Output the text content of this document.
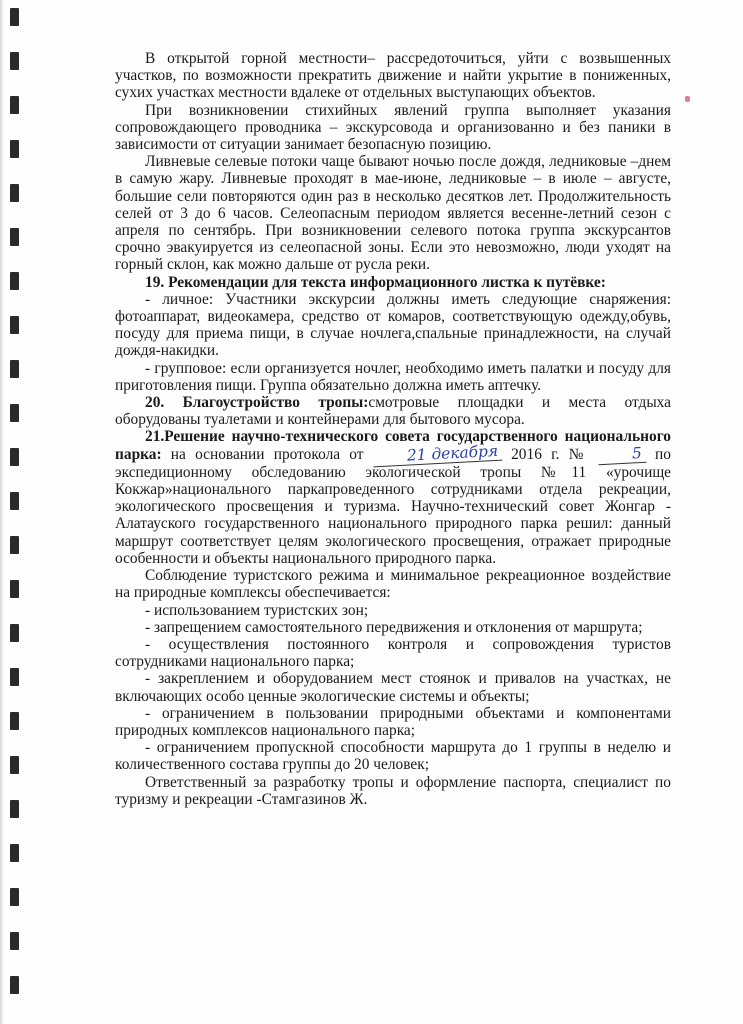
В открытой горной местности– рассредоточиться, уйти с возвышенных участков, по возможности прекратить движение и найти укрытие в пониженных, сухих участках местности вдалеке от отдельных выступающих объектов.

При возникновении стихийных явлений группа выполняет указания сопровождающего проводника – экскурсовода и организованно и без паники в зависимости от ситуации занимает безопасную позицию.

Ливневые селевые потоки чаще бывают ночью после дождя, ледниковые –днем в самую жару. Ливневые проходят в мае-июне, ледниковые – в июле – августе, большие сели повторяются один раз в несколько десятков лет. Продолжительность селей от 3 до 6 часов. Селеопасным периодом является весенне-летний сезон с апреля по сентябрь. При возникновении селевого потока группа экскурсантов срочно эвакуируется из селеопасной зоны. Если это невозможно, люди уходят на горный склон, как можно дальше от русла реки.

19. Рекомендации для текста информационного листка к путёвке:

- личное: Участники экскурсии должны иметь следующие снаряжения: фотоаппарат, видеокамера, средство от комаров, соответствующую одежду,обувь, посуду для приема пищи, в случае ночлега,спальные принадлежности, на случай дождя-накидки.

- групповое: если организуется ночлег, необходимо иметь палатки и посуду для приготовления пищи. Группа обязательно должна иметь аптечку.

20. Благоустройство тропы:смотровые площадки и места отдыха оборудованы туалетами и контейнерами для бытового мусора.

21.Решение научно-технического совета государственного национального парка: на основании протокола от	21 декабря 2016 г. №	5 по экспедиционному обследованию экологической тропы №11 «урочище Кокжар»национального паркапроведенного сотрудниками отдела рекреации, экологического просвещения и туризма. Научно-технический совет Жонгар - Алатауского государственного национального природного парка решил: данный маршрут соответствует целям экологического просвещения, отражает природные особенности и объекты национального природного парка.

Соблюдение туристского режима и минимальное рекреационное воздействие на природные комплексы обеспечивается:

- использованием туристских зон;

- запрещением самостоятельного передвижения и отклонения от маршрута;

- осуществления постоянного контроля и сопровождения туристов сотрудниками национального парка;

- закреплением и оборудованием мест стоянок и привалов на участках, не включающих особо ценные экологические системы и объекты;

- ограничением в пользовании природными объектами и компонентами природных комплексов национального парка;

- ограничением пропускной способности маршрута до 1 группы в неделю и количественного состава группы до 20 человек;

Ответственный за разработку тропы и оформление паспорта, специалист по туризму и рекреации -Стамгазинов Ж.
